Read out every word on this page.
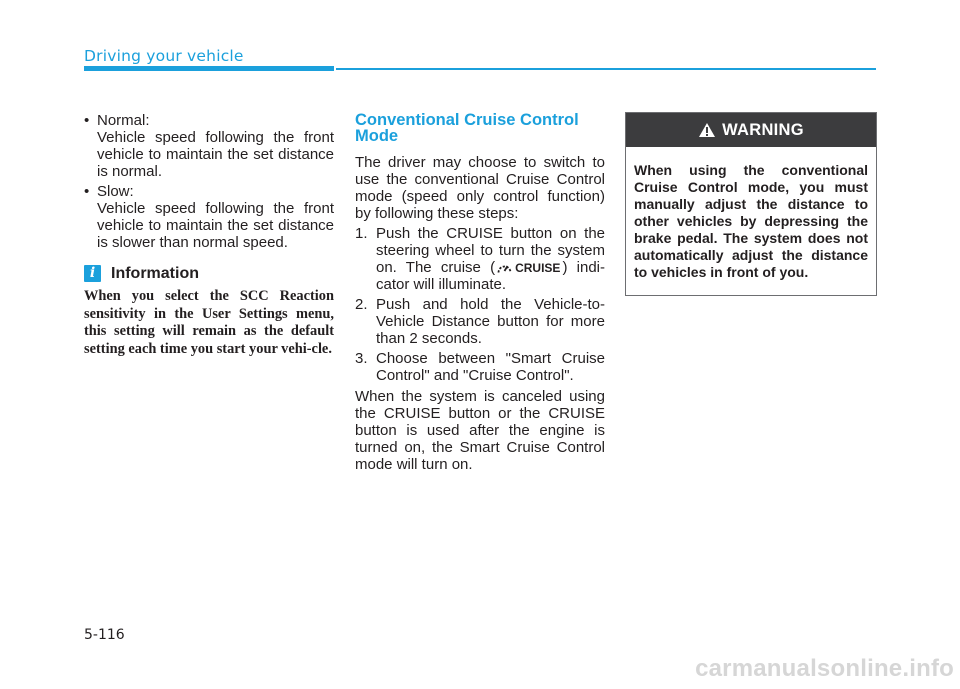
Driving your vehicle
• Normal:
Vehicle speed following the front vehicle to maintain the set distance is normal.
• Slow:
Vehicle speed following the front vehicle to maintain the set distance is slower than normal speed.
i Information
When you select the SCC Reaction sensitivity in the User Settings menu, this setting will remain as the default setting each time you start your vehi-cle.
Conventional Cruise Control Mode
The driver may choose to switch to use the conventional Cruise Control mode (speed only control function) by following these steps:
1. Push the CRUISE button on the steering wheel to turn the system on. The cruise ( CRUISE ) indi-cator will illuminate.
2. Push and hold the Vehicle-to-Vehicle Distance button for more than 2 seconds.
3. Choose between "Smart Cruise Control" and "Cruise Control".
When the system is canceled using the CRUISE button or the CRUISE button is used after the engine is turned on, the Smart Cruise Control mode will turn on.
WARNING
When using the conventional Cruise Control mode, you must manually adjust the distance to other vehicles by depressing the brake pedal. The system does not automatically adjust the distance to vehicles in front of you.
5-116
carmanualsonline.info
